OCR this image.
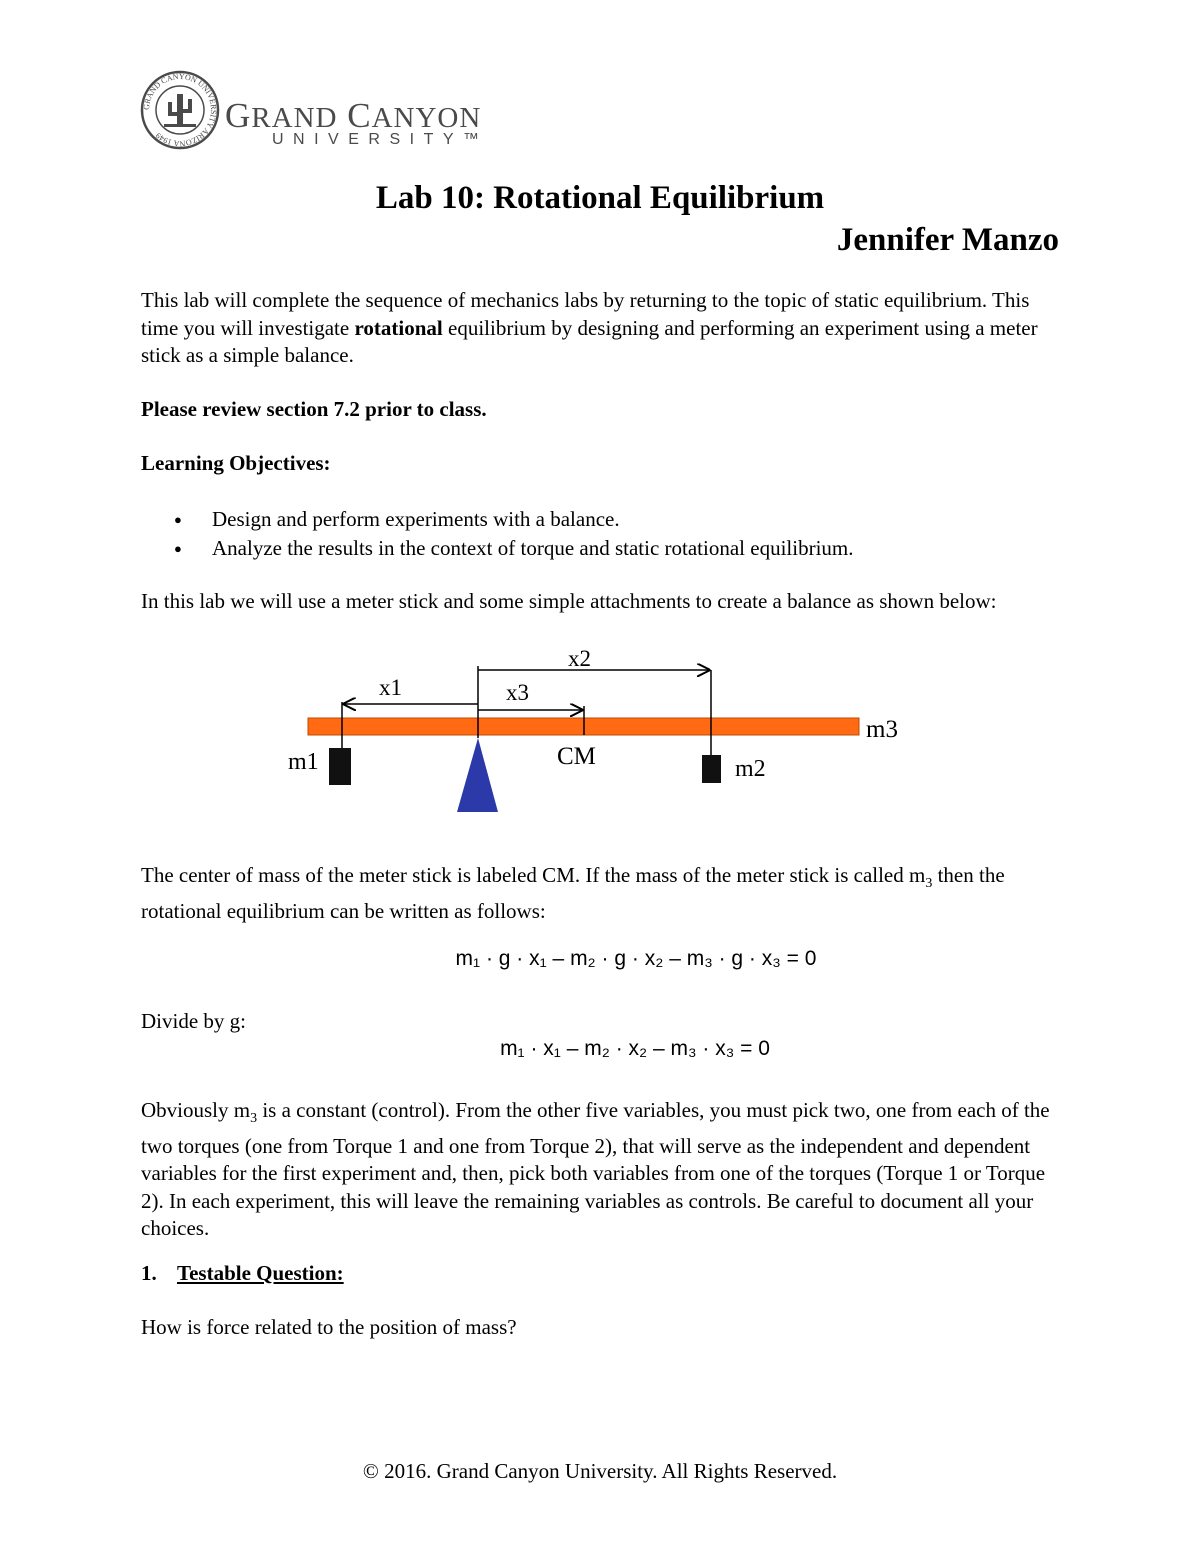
GRAND CANYON UNIVERSITY ARIZONA 1949
GRAND CANYON
UNIVERSITY™
Lab 10: Rotational Equilibrium
Jennifer Manzo
This lab will complete the sequence of mechanics labs by returning to the topic of static equilibrium. This time you will investigate rotational equilibrium by designing and performing an experiment using a meter stick as a simple balance.
Please review section 7.2 prior to class.
Learning Objectives:
● Design and perform experiments with a balance.
● Analyze the results in the context of torque and static rotational equilibrium.
In this lab we will use a meter stick and some simple attachments to create a balance as shown below:
x2
x1	x3
m1	CM	m2
m3
The center of mass of the meter stick is labeled CM. If the mass of the meter stick is called $m_3$ then the rotational equilibrium can be written as follows:
m₁ · g · x₁ – m₂ · g · x₂ – m₃ · g · x₃ = 0
Divide by g:
m₁ · x₁ – m₂ · x₂ – m₃ · x₃ = 0
Obviously $m_3$ is a constant (control). From the other five variables, you must pick two, one from each of the two torques (one from Torque 1 and one from Torque 2), that will serve as the independent and dependent variables for the first experiment and, then, pick both variables from one of the torques (Torque 1 or Torque 2). In each experiment, this will leave the remaining variables as controls. Be careful to document all your choices.
1. Testable Question:
How is force related to the position of mass?
© 2016. Grand Canyon University. All Rights Reserved.
